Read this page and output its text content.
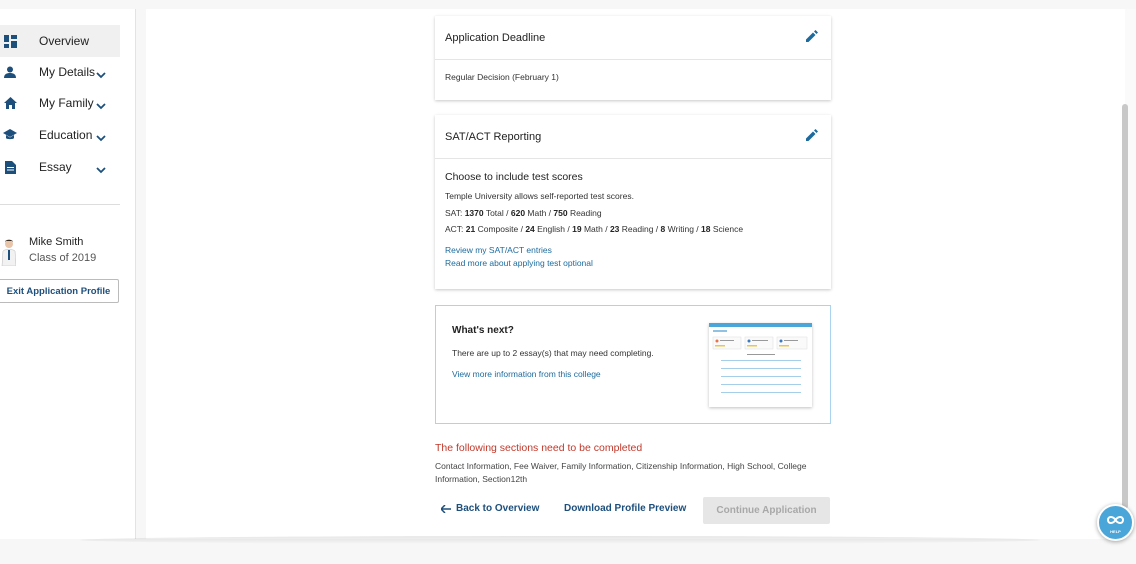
Overview
My Details
My Family
Education
Essay
Mike Smith
Class of 2019
Exit Application Profile
Application Deadline
Regular Decision (February 1)
SAT/ACT Reporting
Choose to include test scores
Temple University allows self-reported test scores.
SAT: 1370 Total / 620 Math / 750 Reading
ACT: 21 Composite / 24 English / 19 Math / 23 Reading / 8 Writing / 18 Science
Review my SAT/ACT entries
Read more about applying test optional
What's next?
There are up to 2 essay(s) that may need completing.
View more information from this college
The following sections need to be completed
Contact Information, Fee Waiver, Family Information, Citizenship Information, High School, College Information, Section12th
Back to Overview Download Profile Preview	Continue Application
HELP
